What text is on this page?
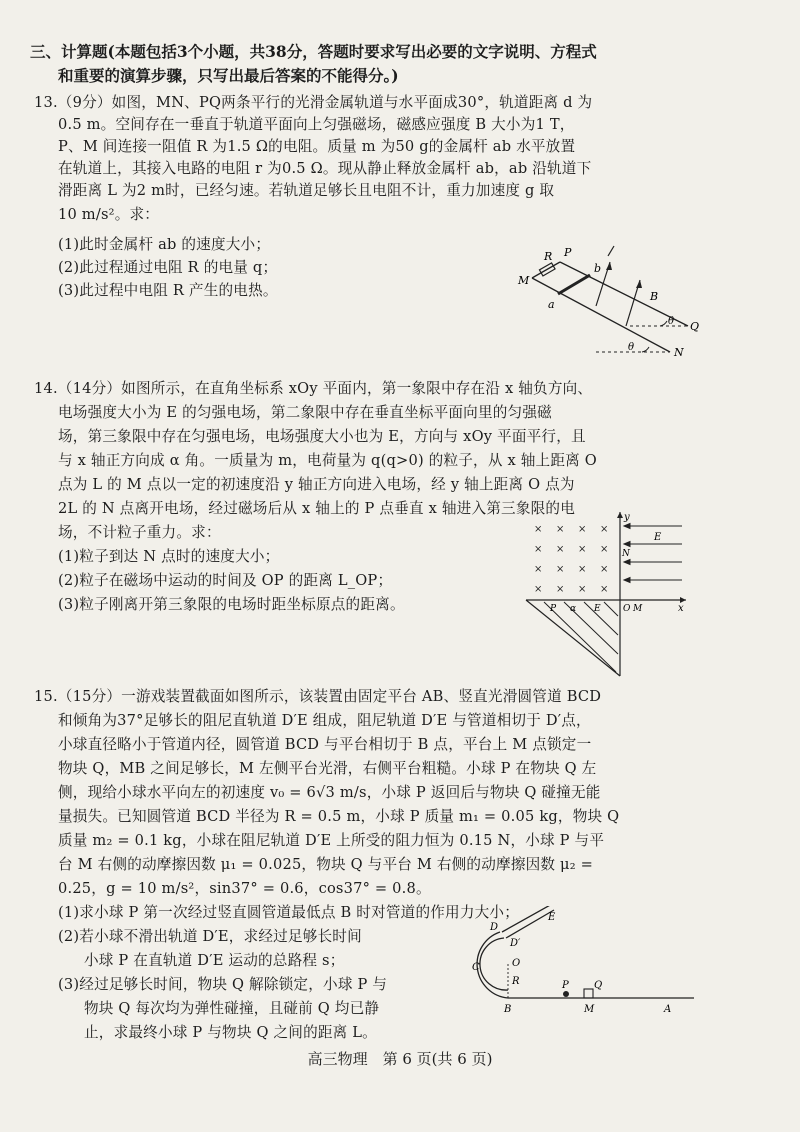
三、计算题(本题包括3个小题，共38分，答题时要求写出必要的文字说明、方程式
和重要的演算步骤，只写出最后答案的不能得分。)
13.（9分）如图，MN、PQ两条平行的光滑金属轨道与水平面成30°，轨道距离 d 为
0.5 m。空间存在一垂直于轨道平面向上匀强磁场，磁感应强度 B 大小为1 T，
P、M 间连接一阻值 R 为1.5 Ω的电阻。质量 m 为50 g的金属杆 ab 水平放置
在轨道上，其接入电路的电阻 r 为0.5 Ω。现从静止释放金属杆 ab，ab 沿轨道下
滑距离 L 为2 m时，已经匀速。若轨道足够长且电阻不计，重力加速度 g 取
10 m/s²。求：
(1)此时金属杆 ab 的速度大小；
(2)此过程通过电阻 R 的电量 q；
(3)此过程中电阻 R 产生的电热。
M
R P
b
a
B
θ Q
θ	N
14.（14分）如图所示，在直角坐标系 xOy 平面内，第一象限中存在沿 x 轴负方向、
电场强度大小为 E 的匀强电场，第二象限中存在垂直坐标平面向里的匀强磁
场，第三象限中存在匀强电场，电场强度大小也为 E，方向与 xOy 平面平行，且
与 x 轴正方向成 α 角。一质量为 m，电荷量为 q(q>0) 的粒子，从 x 轴上距离 O
点为 L 的 M 点以一定的初速度沿 y 轴正方向进入电场，经 y 轴上距离 O 点为
2L 的 N 点离开电场，经过磁场后从 x 轴上的 P 点垂直 x 轴进入第三象限的电
场，不计粒子重力。求：
(1)粒子到达 N 点时的速度大小；
(2)粒子在磁场中运动的时间及 OP 的距离 L_OP；
(3)粒子刚离开第三象限的电场时距坐标原点的距离。
× × × ×
× × × ×
× × × ×
× × × ×
y
N
E
P α E O M	x
15.（15分）一游戏装置截面如图所示，该装置由固定平台 AB、竖直光滑圆管道 BCD
和倾角为37°足够长的阻尼直轨道 D′E 组成，阻尼轨道 D′E 与管道相切于 D′点，
小球直径略小于管道内径，圆管道 BCD 与平台相切于 B 点，平台上 M 点锁定一
物块 Q，MB 之间足够长，M 左侧平台光滑，右侧平台粗糙。小球 P 在物块 Q 左
侧，现给小球水平向左的初速度 v₀ = 6√3 m/s，小球 P 返回后与物块 Q 碰撞无能
量损失。已知圆管道 BCD 半径为 R = 0.5 m，小球 P 质量 m₁ = 0.05 kg，物块 Q
质量 m₂ = 0.1 kg，小球在阻尼轨道 D′E 上所受的阻力恒为 0.15 N，小球 P 与平
台 M 右侧的动摩擦因数 μ₁ = 0.025，物块 Q 与平台 M 右侧的动摩擦因数 μ₂ =
0.25，g = 10 m/s²，sin37° = 0.6，cos37° = 0.8。
(1)求小球 P 第一次经过竖直圆管道最低点 B 时对管道的作用力大小；
(2)若小球不滑出轨道 D′E，求经过足够长时间
小球 P 在直轨道 D′E 运动的总路程 s；
(3)经过足够长时间，物块 Q 解除锁定，小球 P 与
物块 Q 每次均为弹性碰撞，且碰前 Q 均已静
止，求最终小球 P 与物块 Q 之间的距离 L。
D
D′
E
C	O
R
B
P	Q
M	A
高三物理　第 6 页(共 6 页)
